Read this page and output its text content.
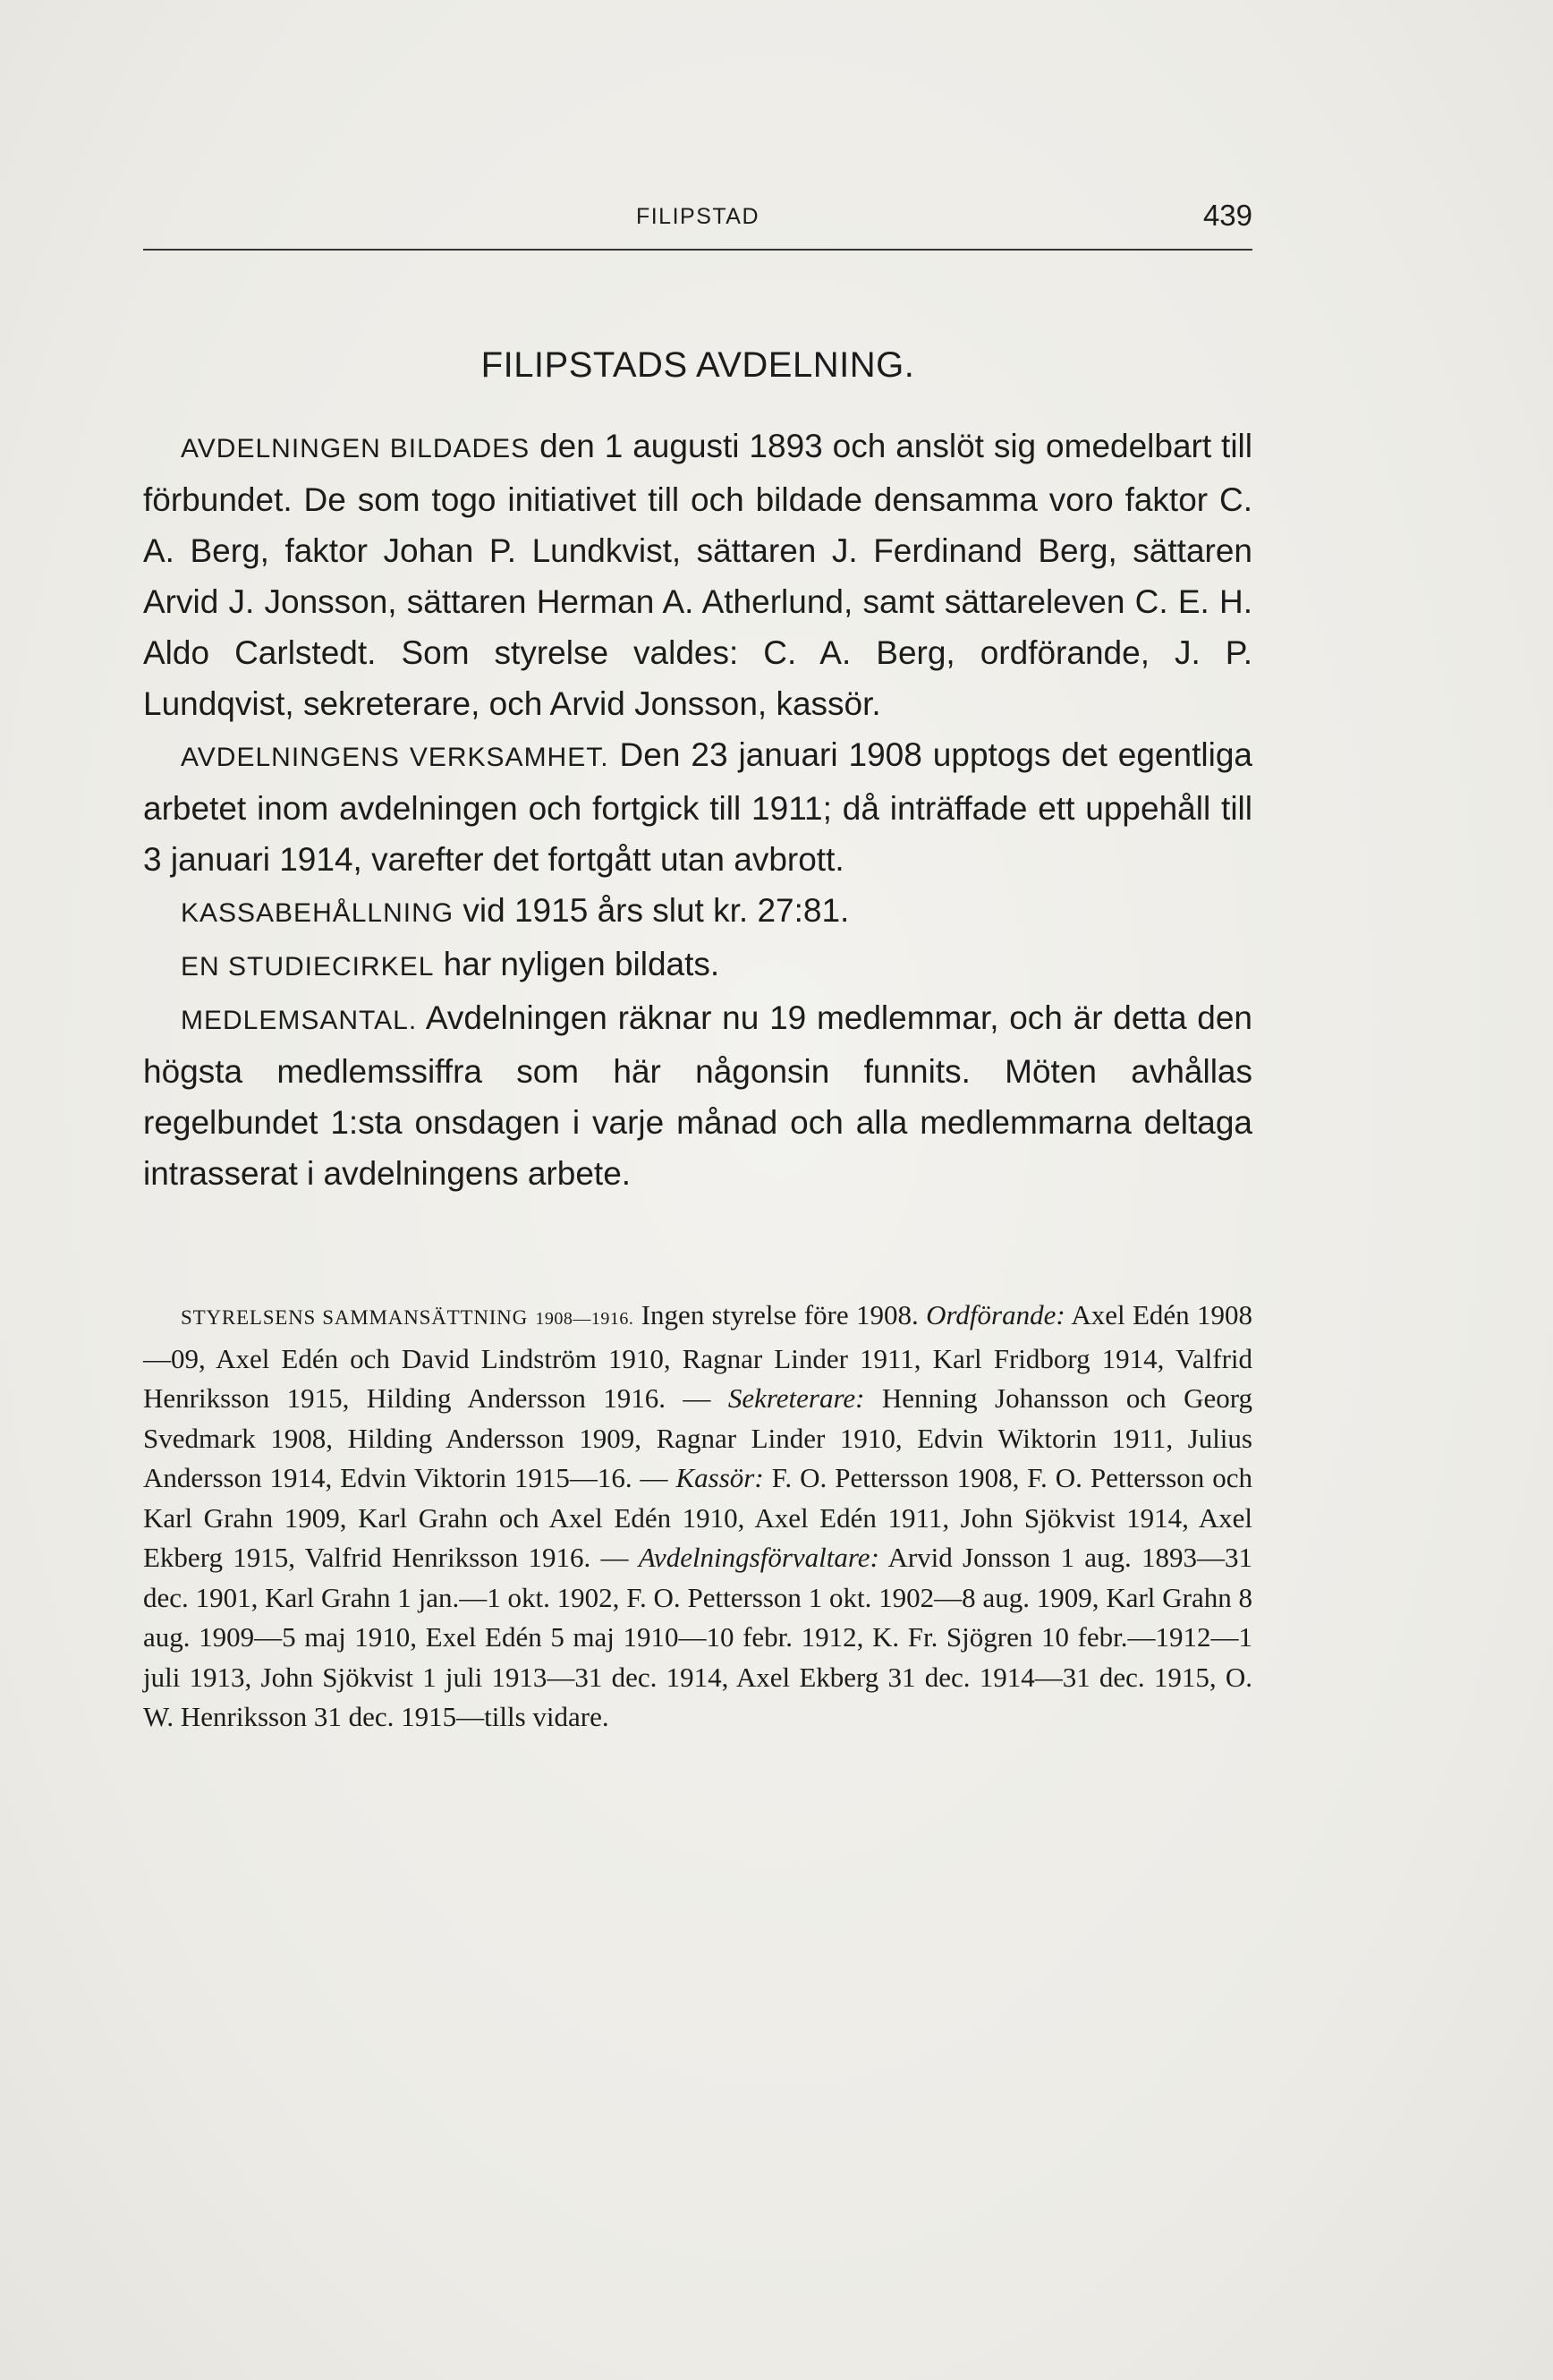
FILIPSTAD	439
FILIPSTADS AVDELNING.

AVDELNINGEN BILDADES den 1 augusti 1893 och anslöt sig omedelbart till förbundet. De som togo initiativet till och bildade densamma voro faktor C. A. Berg, faktor Johan P. Lundkvist, sättaren J. Ferdinand Berg, sättaren Arvid J. Jonsson, sättaren Herman A. Atherlund, samt sättareleven C. E. H. Aldo Carlstedt. Som styrelse valdes: C. A. Berg, ordförande, J. P. Lundqvist, sekreterare, och Arvid Jonsson, kassör.

AVDELNINGENS VERKSAMHET. Den 23 januari 1908 upptogs det egentliga arbetet inom avdelningen och fortgick till 1911; då inträffade ett uppehåll till 3 januari 1914, varefter det fortgått utan avbrott.

KASSABEHÅLLNING vid 1915 års slut kr. 27:81.

EN STUDIECIRKEL har nyligen bildats.

MEDLEMSANTAL. Avdelningen räknar nu 19 medlemmar, och är detta den högsta medlemssiffra som här någonsin funnits. Möten avhållas regelbundet 1:sta onsdagen i varje månad och alla medlemmarna deltaga intrasserat i avdelningens arbete.

STYRELSENS SAMMANSÄTTNING 1908—1916. Ingen styrelse före 1908. Ordförande: Axel Edén 1908—09, Axel Edén och David Lindström 1910, Ragnar Linder 1911, Karl Fridborg 1914, Valfrid Henriksson 1915, Hilding Andersson 1916. — Sekreterare: Henning Johansson och Georg Svedmark 1908, Hilding Andersson 1909, Ragnar Linder 1910, Edvin Wiktorin 1911, Julius Andersson 1914, Edvin Viktorin 1915—16. — Kassör: F. O. Pettersson 1908, F. O. Pettersson och Karl Grahn 1909, Karl Grahn och Axel Edén 1910, Axel Edén 1911, John Sjökvist 1914, Axel Ekberg 1915, Valfrid Henriksson 1916. — Avdelningsförvaltare: Arvid Jonsson 1 aug. 1893—31 dec. 1901, Karl Grahn 1 jan.—1 okt. 1902, F. O. Pettersson 1 okt. 1902—8 aug. 1909, Karl Grahn 8 aug. 1909—5 maj 1910, Exel Edén 5 maj 1910—10 febr. 1912, K. Fr. Sjögren 10 febr.—1912—1 juli 1913, John Sjökvist 1 juli 1913—31 dec. 1914, Axel Ekberg 31 dec. 1914—31 dec. 1915, O. W. Henriksson 31 dec. 1915—tills vidare.
